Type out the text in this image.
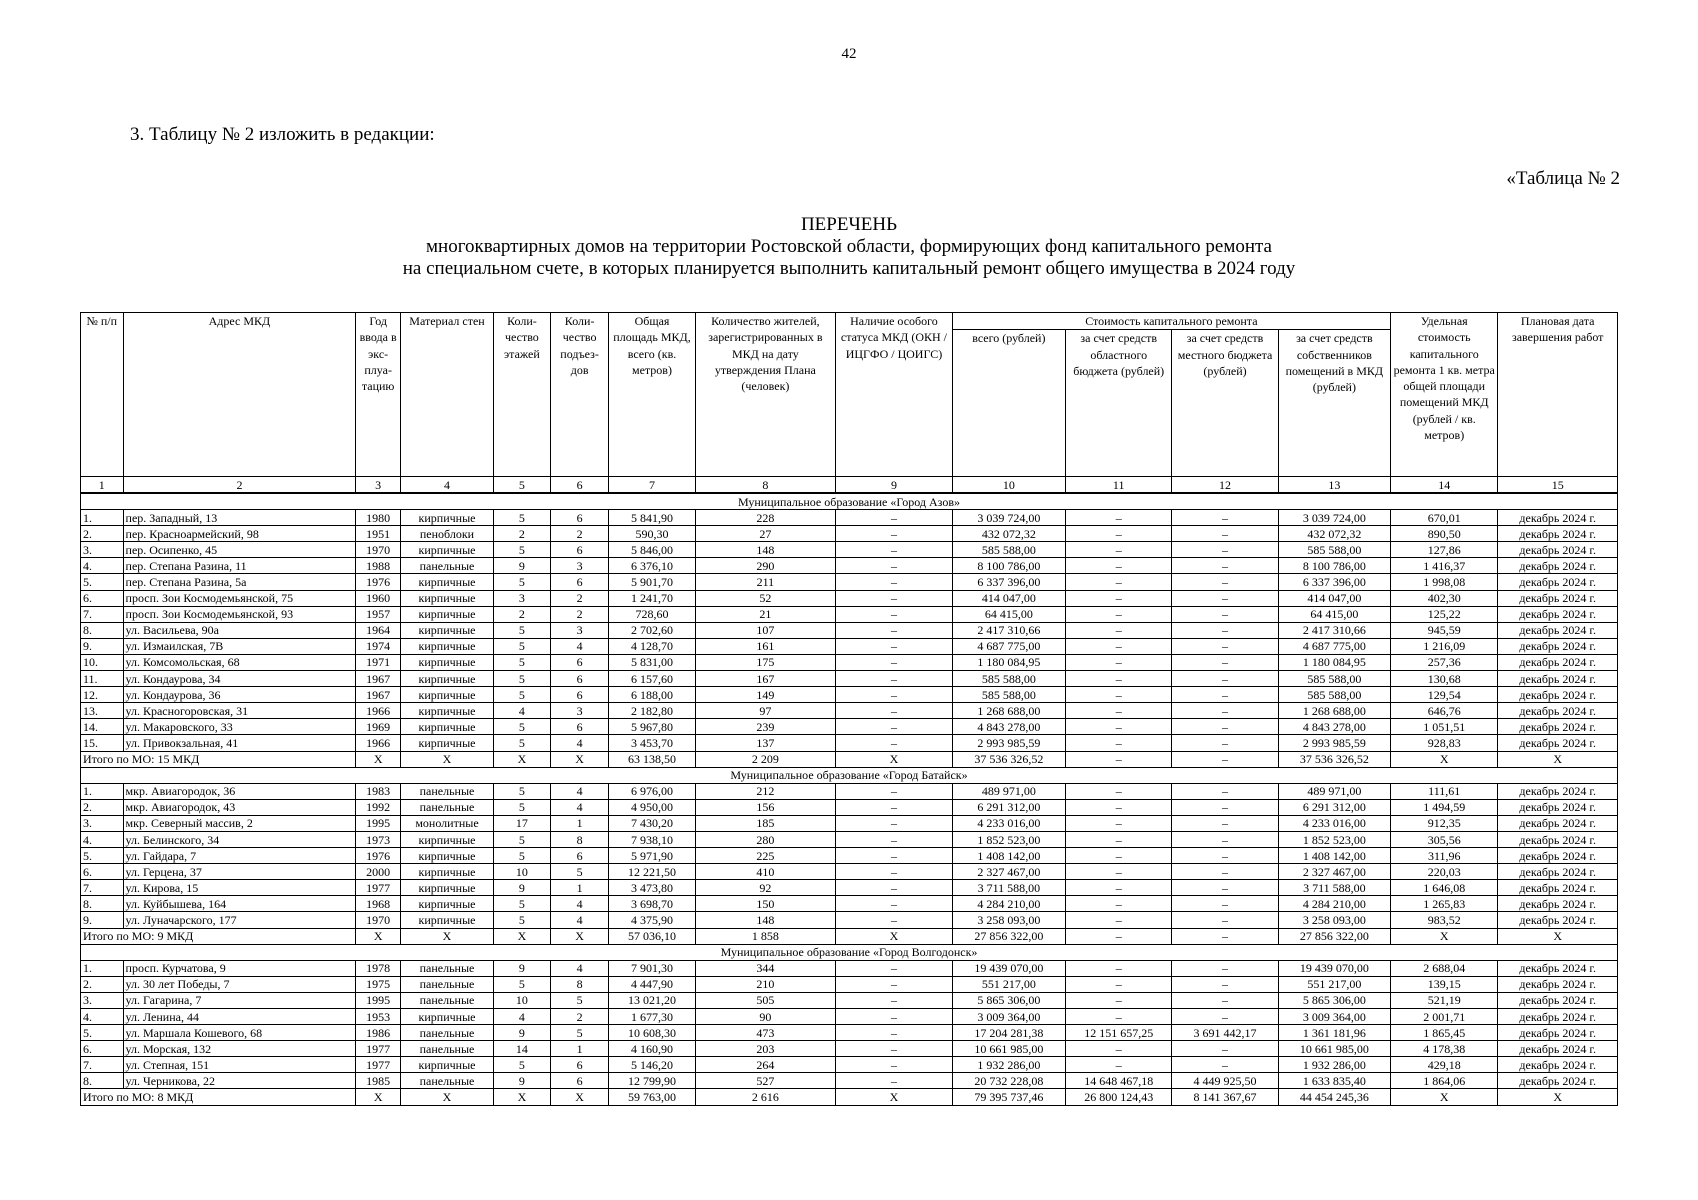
42
3. Таблицу № 2 изложить в редакции:
«Таблица № 2
ПЕРЕЧЕНЬ
многоквартирных домов на территории Ростовской области, формирующих фонд капитального ремонта
на специальном счете, в которых планируется выполнить капитальный ремонт общего имущества в 2024 году
№ п/п	Адрес МКД	Год ввода в экс-плуа-тацию	Материал стен	Коли-чество этажей	Коли-чество подъез-дов	Общая площадь МКД, всего (кв. метров)	Количество жителей, зарегистрированных в МКД на дату утверждения Плана (человек)	Наличие особого статуса МКД (ОКН / ИЦГФО / ЦОИГС)	Стоимость капитального ремонта				Удельная стоимость капитального ремонта 1 кв. метра общей площади помещений МКД (рублей / кв. метров)	Плановая дата завершения работ
									всего (рублей)	за счет средств областного бюджета (рублей)	за счет средств местного бюджета (рублей)	за счет средств собственников помещений в МКД (рублей)		
1	2	3	4	5	6	7	8	9	10	11	12	13	14	15
Муниципальное образование «Город Азов»														
1.	пер. Западный, 13	1980	кирпичные	5	6	5 841,90	228	–	3 039 724,00	–	–	3 039 724,00	670,01	декабрь 2024 г.
2.	пер. Красноармейский, 98	1951	пеноблоки	2	2	590,30	27	–	432 072,32	–	–	432 072,32	890,50	декабрь 2024 г.
3.	пер. Осипенко, 45	1970	кирпичные	5	6	5 846,00	148	–	585 588,00	–	–	585 588,00	127,86	декабрь 2024 г.
4.	пер. Степана Разина, 11	1988	панельные	9	3	6 376,10	290	–	8 100 786,00	–	–	8 100 786,00	1 416,37	декабрь 2024 г.
5.	пер. Степана Разина, 5а	1976	кирпичные	5	6	5 901,70	211	–	6 337 396,00	–	–	6 337 396,00	1 998,08	декабрь 2024 г.
6.	просп. Зои Космодемьянской, 75	1960	кирпичные	3	2	1 241,70	52	–	414 047,00	–	–	414 047,00	402,30	декабрь 2024 г.
7.	просп. Зои Космодемьянской, 93	1957	кирпичные	2	2	728,60	21	–	64 415,00	–	–	64 415,00	125,22	декабрь 2024 г.
8.	ул. Васильева, 90а	1964	кирпичные	5	3	2 702,60	107	–	2 417 310,66	–	–	2 417 310,66	945,59	декабрь 2024 г.
9.	ул. Измаилская, 7В	1974	кирпичные	5	4	4 128,70	161	–	4 687 775,00	–	–	4 687 775,00	1 216,09	декабрь 2024 г.
10.	ул. Комсомольская, 68	1971	кирпичные	5	6	5 831,00	175	–	1 180 084,95	–	–	1 180 084,95	257,36	декабрь 2024 г.
11.	ул. Кондаурова, 34	1967	кирпичные	5	6	6 157,60	167	–	585 588,00	–	–	585 588,00	130,68	декабрь 2024 г.
12.	ул. Кондаурова, 36	1967	кирпичные	5	6	6 188,00	149	–	585 588,00	–	–	585 588,00	129,54	декабрь 2024 г.
13.	ул. Красногоровская, 31	1966	кирпичные	4	3	2 182,80	97	–	1 268 688,00	–	–	1 268 688,00	646,76	декабрь 2024 г.
14.	ул. Макаровского, 33	1969	кирпичные	5	6	5 967,80	239	–	4 843 278,00	–	–	4 843 278,00	1 051,51	декабрь 2024 г.
15.	ул. Привокзальная, 41	1966	кирпичные	5	4	3 453,70	137	–	2 993 985,59	–	–	2 993 985,59	928,83	декабрь 2024 г.
Итого по МО: 15 МКД		X	X	X	X	63 138,50	2 209	X	37 536 326,52	–	–	37 536 326,52	X	X
Муниципальное образование «Город Батайск»														
1.	мкр. Авиагородок, 36	1983	панельные	5	4	6 976,00	212	–	489 971,00	–	–	489 971,00	111,61	декабрь 2024 г.
2.	мкр. Авиагородок, 43	1992	панельные	5	4	4 950,00	156	–	6 291 312,00	–	–	6 291 312,00	1 494,59	декабрь 2024 г.
3.	мкр. Северный массив, 2	1995	монолитные	17	1	7 430,20	185	–	4 233 016,00	–	–	4 233 016,00	912,35	декабрь 2024 г.
4.	ул. Белинского, 34	1973	кирпичные	5	8	7 938,10	280	–	1 852 523,00	–	–	1 852 523,00	305,56	декабрь 2024 г.
5.	ул. Гайдара, 7	1976	кирпичные	5	6	5 971,90	225	–	1 408 142,00	–	–	1 408 142,00	311,96	декабрь 2024 г.
6.	ул. Герцена, 37	2000	кирпичные	10	5	12 221,50	410	–	2 327 467,00	–	–	2 327 467,00	220,03	декабрь 2024 г.
7.	ул. Кирова, 15	1977	кирпичные	9	1	3 473,80	92	–	3 711 588,00	–	–	3 711 588,00	1 646,08	декабрь 2024 г.
8.	ул. Куйбышева, 164	1968	кирпичные	5	4	3 698,70	150	–	4 284 210,00	–	–	4 284 210,00	1 265,83	декабрь 2024 г.
9.	ул. Луначарского, 177	1970	кирпичные	5	4	4 375,90	148	–	3 258 093,00	–	–	3 258 093,00	983,52	декабрь 2024 г.
Итого по МО: 9 МКД		X	X	X	X	57 036,10	1 858	X	27 856 322,00	–	–	27 856 322,00	X	X
Муниципальное образование «Город Волгодонск»														
1.	просп. Курчатова, 9	1978	панельные	9	4	7 901,30	344	–	19 439 070,00	–	–	19 439 070,00	2 688,04	декабрь 2024 г.
2.	ул. 30 лет Победы, 7	1975	панельные	5	8	4 447,90	210	–	551 217,00	–	–	551 217,00	139,15	декабрь 2024 г.
3.	ул. Гагарина, 7	1995	панельные	10	5	13 021,20	505	–	5 865 306,00	–	–	5 865 306,00	521,19	декабрь 2024 г.
4.	ул. Ленина, 44	1953	кирпичные	4	2	1 677,30	90	–	3 009 364,00	–	–	3 009 364,00	2 001,71	декабрь 2024 г.
5.	ул. Маршала Кошевого, 68	1986	панельные	9	5	10 608,30	473	–	17 204 281,38	12 151 657,25	3 691 442,17	1 361 181,96	1 865,45	декабрь 2024 г.
6.	ул. Морская, 132	1977	панельные	14	1	4 160,90	203	–	10 661 985,00	–	–	10 661 985,00	4 178,38	декабрь 2024 г.
7.	ул. Степная, 151	1977	кирпичные	5	6	5 146,20	264	–	1 932 286,00	–	–	1 932 286,00	429,18	декабрь 2024 г.
8.	ул. Черникова, 22	1985	панельные	9	6	12 799,90	527	–	20 732 228,08	14 648 467,18	4 449 925,50	1 633 835,40	1 864,06	декабрь 2024 г.
Итого по МО: 8 МКД		X	X	X	X	59 763,00	2 616	X	79 395 737,46	26 800 124,43	8 141 367,67	44 454 245,36	X	X
